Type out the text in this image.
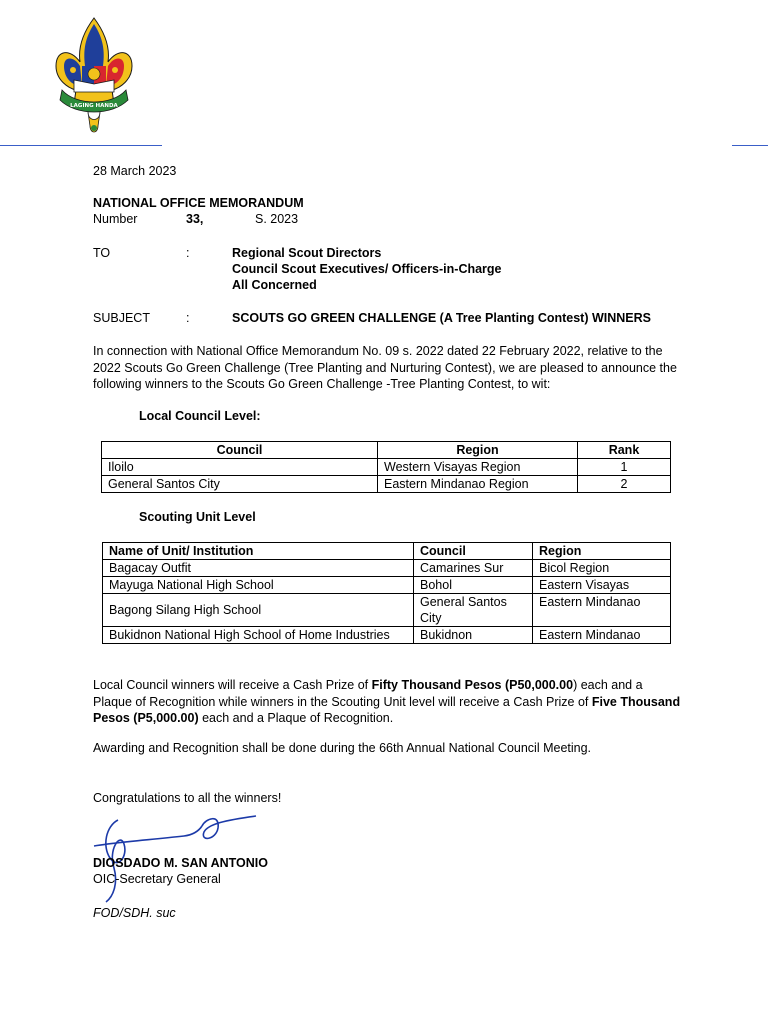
LAGING HANDA
28 March 2023
NATIONAL OFFICE MEMORANDUM
Number	33,	S. 2023
TO	:	Regional Scout Directors
Council Scout Executives/ Officers-in-Charge
All Concerned
SUBJECT	:	SCOUTS GO GREEN CHALLENGE (A Tree Planting Contest) WINNERS
In connection with National Office Memorandum No. 09 s. 2022 dated 22 February 2022, relative to the 2022 Scouts Go Green Challenge (Tree Planting and Nurturing Contest), we are pleased to announce the following winners to the Scouts Go Green Challenge -Tree Planting Contest, to wit:
Local Council Level:
Council	Region	Rank
Iloilo	Western Visayas Region	1
General Santos City	Eastern Mindanao Region	2
Scouting Unit Level
Name of Unit/ Institution	Council	Region
Bagacay Outfit	Camarines Sur	Bicol Region
Mayuga National High School	Bohol	Eastern Visayas
Bagong Silang High School	General Santos City	Eastern Mindanao
Bukidnon National High School of Home Industries	Bukidnon	Eastern Mindanao
Local Council winners will receive a Cash Prize of Fifty Thousand Pesos (P50,000.00) each and a Plaque of Recognition while winners in the Scouting Unit level will receive a Cash Prize of Five Thousand Pesos (P5,000.00) each and a Plaque of Recognition.
Awarding and Recognition shall be done during the 66th Annual National Council Meeting.
Congratulations to all the winners!
DIOSDADO M. SAN ANTONIO
OIC-Secretary General
FOD/SDH. suc
